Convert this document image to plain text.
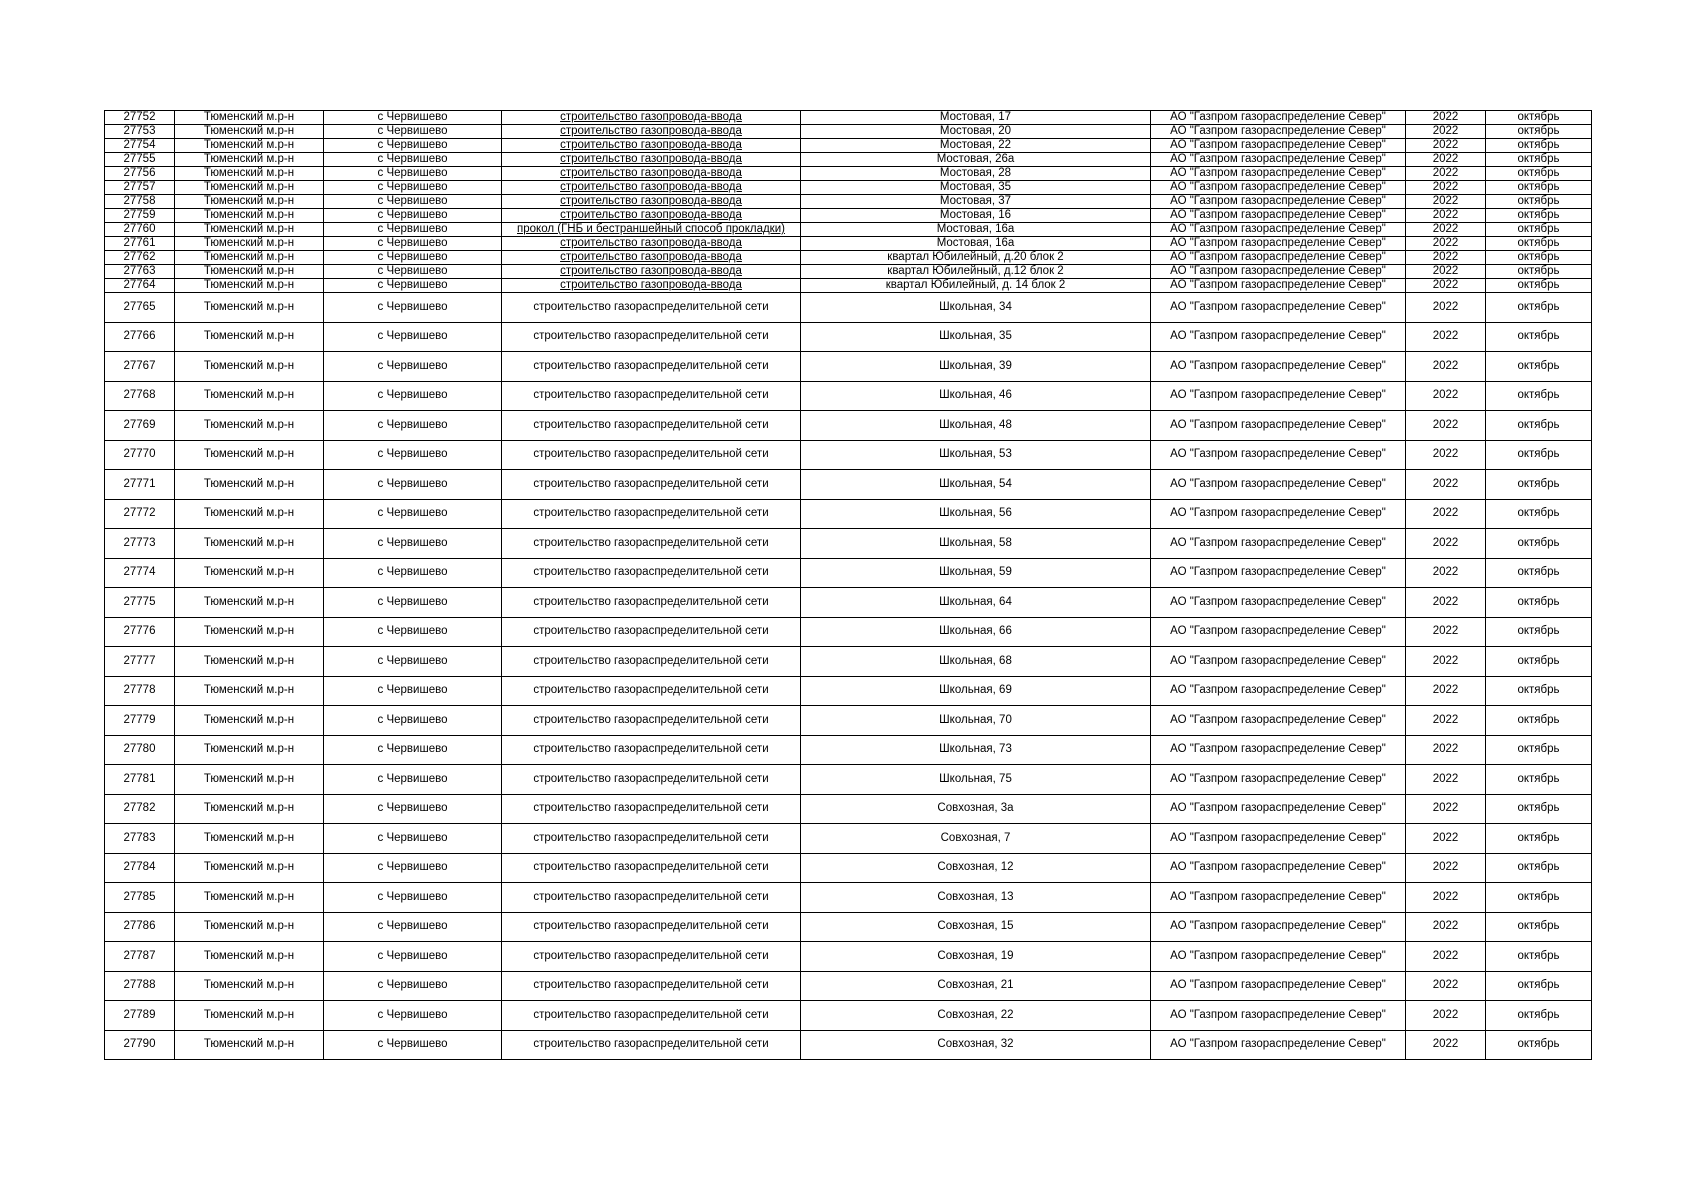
27752	Тюменский м.р-н	с Червишево	строительство газопровода-ввода	Мостовая, 17	АО "Газпром газораспределение Север"	2022	октябрь
27753	Тюменский м.р-н	с Червишево	строительство газопровода-ввода	Мостовая, 20	АО "Газпром газораспределение Север"	2022	октябрь
27754	Тюменский м.р-н	с Червишево	строительство газопровода-ввода	Мостовая, 22	АО "Газпром газораспределение Север"	2022	октябрь
27755	Тюменский м.р-н	с Червишево	строительство газопровода-ввода	Мостовая, 26а	АО "Газпром газораспределение Север"	2022	октябрь
27756	Тюменский м.р-н	с Червишево	строительство газопровода-ввода	Мостовая, 28	АО "Газпром газораспределение Север"	2022	октябрь
27757	Тюменский м.р-н	с Червишево	строительство газопровода-ввода	Мостовая, 35	АО "Газпром газораспределение Север"	2022	октябрь
27758	Тюменский м.р-н	с Червишево	строительство газопровода-ввода	Мостовая, 37	АО "Газпром газораспределение Север"	2022	октябрь
27759	Тюменский м.р-н	с Червишево	строительство газопровода-ввода	Мостовая, 16	АО "Газпром газораспределение Север"	2022	октябрь
27760	Тюменский м.р-н	с Червишево	прокол (ГНБ и бестраншейный способ прокладки)	Мостовая, 16а	АО "Газпром газораспределение Север"	2022	октябрь
27761	Тюменский м.р-н	с Червишево	строительство газопровода-ввода	Мостовая, 16а	АО "Газпром газораспределение Север"	2022	октябрь
27762	Тюменский м.р-н	с Червишево	строительство газопровода-ввода	квартал Юбилейный, д.20 блок 2	АО "Газпром газораспределение Север"	2022	октябрь
27763	Тюменский м.р-н	с Червишево	строительство газопровода-ввода	квартал Юбилейный, д.12 блок 2	АО "Газпром газораспределение Север"	2022	октябрь
27764	Тюменский м.р-н	с Червишево	строительство газопровода-ввода	квартал Юбилейный, д. 14 блок 2	АО "Газпром газораспределение Север"	2022	октябрь
27765	Тюменский м.р-н	с Червишево	строительство газораспределительной сети	Школьная, 34	АО "Газпром газораспределение Север"	2022	октябрь
27766	Тюменский м.р-н	с Червишево	строительство газораспределительной сети	Школьная, 35	АО "Газпром газораспределение Север"	2022	октябрь
27767	Тюменский м.р-н	с Червишево	строительство газораспределительной сети	Школьная, 39	АО "Газпром газораспределение Север"	2022	октябрь
27768	Тюменский м.р-н	с Червишево	строительство газораспределительной сети	Школьная, 46	АО "Газпром газораспределение Север"	2022	октябрь
27769	Тюменский м.р-н	с Червишево	строительство газораспределительной сети	Школьная, 48	АО "Газпром газораспределение Север"	2022	октябрь
27770	Тюменский м.р-н	с Червишево	строительство газораспределительной сети	Школьная, 53	АО "Газпром газораспределение Север"	2022	октябрь
27771	Тюменский м.р-н	с Червишево	строительство газораспределительной сети	Школьная, 54	АО "Газпром газораспределение Север"	2022	октябрь
27772	Тюменский м.р-н	с Червишево	строительство газораспределительной сети	Школьная, 56	АО "Газпром газораспределение Север"	2022	октябрь
27773	Тюменский м.р-н	с Червишево	строительство газораспределительной сети	Школьная, 58	АО "Газпром газораспределение Север"	2022	октябрь
27774	Тюменский м.р-н	с Червишево	строительство газораспределительной сети	Школьная, 59	АО "Газпром газораспределение Север"	2022	октябрь
27775	Тюменский м.р-н	с Червишево	строительство газораспределительной сети	Школьная, 64	АО "Газпром газораспределение Север"	2022	октябрь
27776	Тюменский м.р-н	с Червишево	строительство газораспределительной сети	Школьная, 66	АО "Газпром газораспределение Север"	2022	октябрь
27777	Тюменский м.р-н	с Червишево	строительство газораспределительной сети	Школьная, 68	АО "Газпром газораспределение Север"	2022	октябрь
27778	Тюменский м.р-н	с Червишево	строительство газораспределительной сети	Школьная, 69	АО "Газпром газораспределение Север"	2022	октябрь
27779	Тюменский м.р-н	с Червишево	строительство газораспределительной сети	Школьная, 70	АО "Газпром газораспределение Север"	2022	октябрь
27780	Тюменский м.р-н	с Червишево	строительство газораспределительной сети	Школьная, 73	АО "Газпром газораспределение Север"	2022	октябрь
27781	Тюменский м.р-н	с Червишево	строительство газораспределительной сети	Школьная, 75	АО "Газпром газораспределение Север"	2022	октябрь
27782	Тюменский м.р-н	с Червишево	строительство газораспределительной сети	Совхозная, 3а	АО "Газпром газораспределение Север"	2022	октябрь
27783	Тюменский м.р-н	с Червишево	строительство газораспределительной сети	Совхозная, 7	АО "Газпром газораспределение Север"	2022	октябрь
27784	Тюменский м.р-н	с Червишево	строительство газораспределительной сети	Совхозная, 12	АО "Газпром газораспределение Север"	2022	октябрь
27785	Тюменский м.р-н	с Червишево	строительство газораспределительной сети	Совхозная, 13	АО "Газпром газораспределение Север"	2022	октябрь
27786	Тюменский м.р-н	с Червишево	строительство газораспределительной сети	Совхозная, 15	АО "Газпром газораспределение Север"	2022	октябрь
27787	Тюменский м.р-н	с Червишево	строительство газораспределительной сети	Совхозная, 19	АО "Газпром газораспределение Север"	2022	октябрь
27788	Тюменский м.р-н	с Червишево	строительство газораспределительной сети	Совхозная, 21	АО "Газпром газораспределение Север"	2022	октябрь
27789	Тюменский м.р-н	с Червишево	строительство газораспределительной сети	Совхозная, 22	АО "Газпром газораспределение Север"	2022	октябрь
27790	Тюменский м.р-н	с Червишево	строительство газораспределительной сети	Совхозная, 32	АО "Газпром газораспределение Север"	2022	октябрь
